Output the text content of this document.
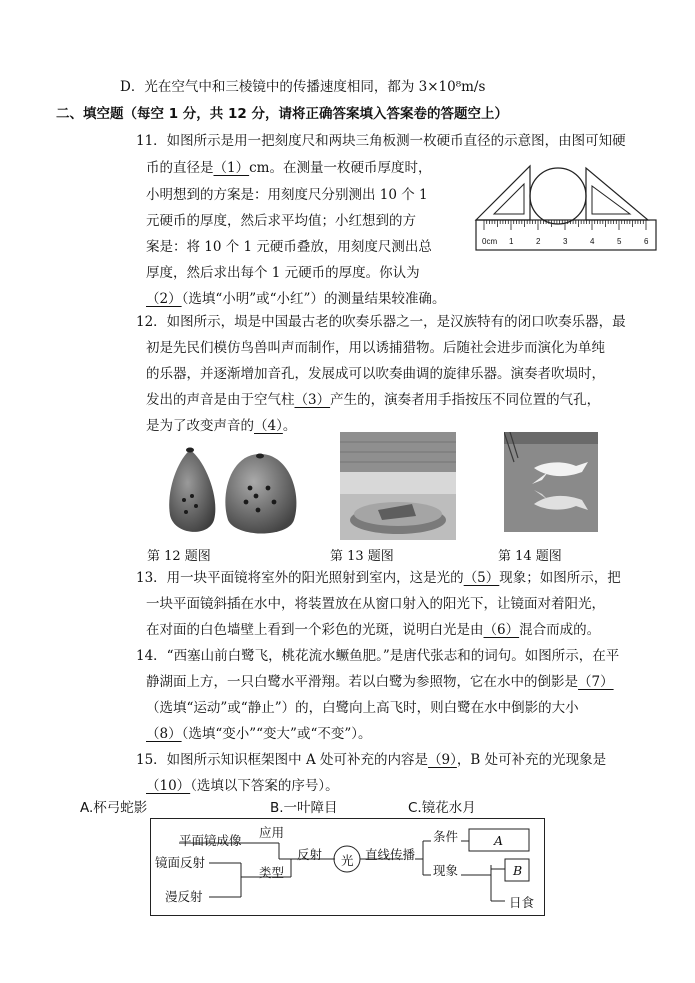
D．光在空气中和三棱镜中的传播速度相同，都为 3×10⁸m/s
二、填空题（每空 1 分，共 12 分，请将正确答案填入答案卷的答题空上）
11．如图所示是用一把刻度尺和两块三角板测一枚硬币直径的示意图，由图可知硬
币的直径是（1）cm。在测量一枚硬币厚度时，
小明想到的方案是：用刻度尺分别测出 10 个 1
元硬币的厚度，然后求平均值；小红想到的方
案是：将 10 个 1 元硬币叠放，用刻度尺测出总
厚度，然后求出每个 1 元硬币的厚度。你认为
（2）（选填“小明”或“小红”）的测量结果较准确。
0cm 1	2	3	4	5	6
12．如图所示，埙是中国最古老的吹奏乐器之一，是汉族特有的闭口吹奏乐器，最
初是先民们模仿鸟兽叫声而制作，用以诱捕猎物。后随社会进步而演化为单纯
的乐器，并逐渐增加音孔，发展成可以吹奏曲调的旋律乐器。演奏者吹埙时，
发出的声音是由于空气柱（3）产生的，演奏者用手指按压不同位置的气孔，
是为了改变声音的（4）。
第 12 题图	第 13 题图	第 14 题图
13．用一块平面镜将室外的阳光照射到室内，这是光的（5）现象；如图所示，把
一块平面镜斜插在水中，将装置放在从窗口射入的阳光下，让镜面对着阳光，
在对面的白色墙壁上看到一个彩色的光斑，说明白光是由（6）混合而成的。
14．“西塞山前白鹭飞，桃花流水鳜鱼肥。”是唐代张志和的词句。如图所示，在平
静湖面上方，一只白鹭水平滑翔。若以白鹭为参照物，它在水中的倒影是（7）
（选填“运动”或“静止”）的，白鹭向上高飞时，则白鹭在水中倒影的大小
（8）（选填“变小”“变大”或“不变”）。
15．如图所示知识框架图中 A 处可补充的内容是（9），B 处可补充的光现象是
（10）（选填以下答案的序号）。
A.杯弓蛇影	B.一叶障目	C.镜花水月
平面镜成像
应用
镜面反射
类型
反射 光 直线传播
条件
现象
A
B
漫反射	日食
